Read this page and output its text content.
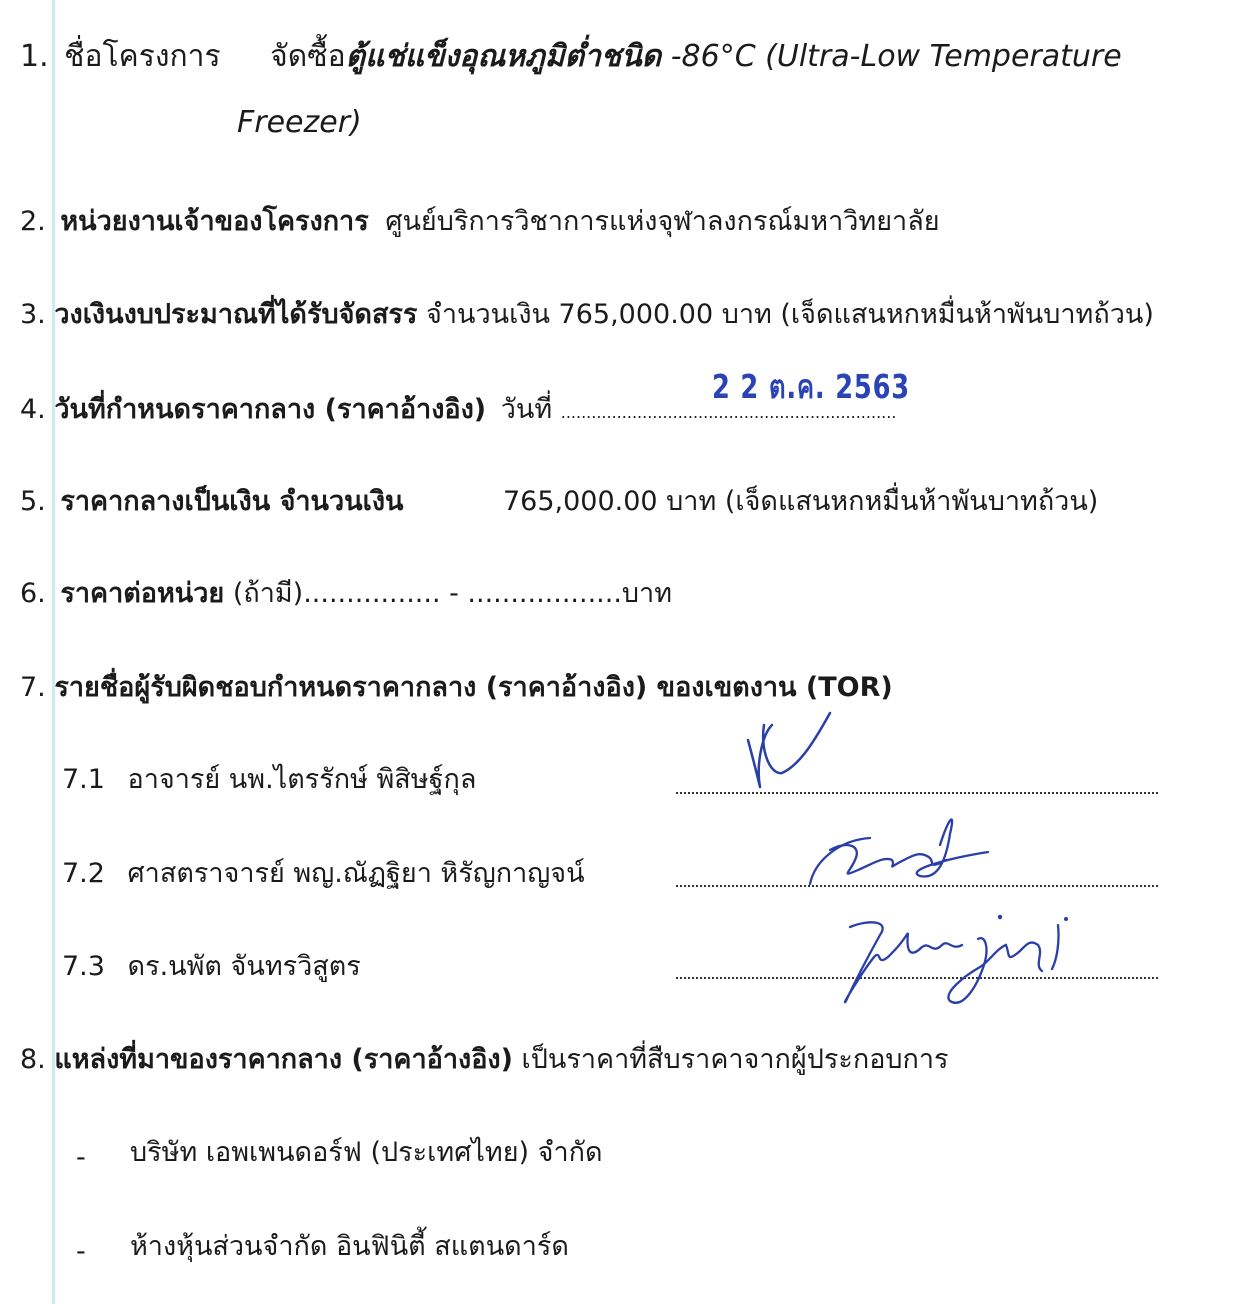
1. ชื่อโครงการ จัดซื้อตู้แช่แข็งอุณหภูมิต่ำชนิด -86°C (Ultra-Low Temperature
Freezer)
2. หน่วยงานเจ้าของโครงการ ศูนย์บริการวิชาการแห่งจุฬาลงกรณ์มหาวิทยาลัย
3. วงเงินงบประมาณที่ได้รับจัดสรร จำนวนเงิน 765,000.00 บาท (เจ็ดแสนหกหมื่นห้าพันบาทถ้วน)
2 2 ต.ค. 2563
4. วันที่กำหนดราคากลาง (ราคาอ้างอิง) วันที่ ..................................................................
5. ราคากลางเป็นเงิน จำนวนเงิน	765,000.00 บาท (เจ็ดแสนหกหมื่นห้าพันบาทถ้วน)
6. ราคาต่อหน่วย (ถ้ามี)................ - ..................บาท
7. รายชื่อผู้รับผิดชอบกำหนดราคากลาง (ราคาอ้างอิง) ของเขตงาน (TOR)
7.1 อาจารย์ นพ.ไตรรักษ์ พิสิษฐ์กุล
7.2 ศาสตราจารย์ พญ.ณัฏฐิยา หิรัญกาญจน์
7.3 ดร.นพัต จันทรวิสูตร
8. แหล่งที่มาของราคากลาง (ราคาอ้างอิง) เป็นราคาที่สืบราคาจากผู้ประกอบการ
- บริษัท เอพเพนดอร์ฟ (ประเทศไทย) จำกัด
- ห้างหุ้นส่วนจำกัด อินฟินิตี้ สแตนดาร์ด
